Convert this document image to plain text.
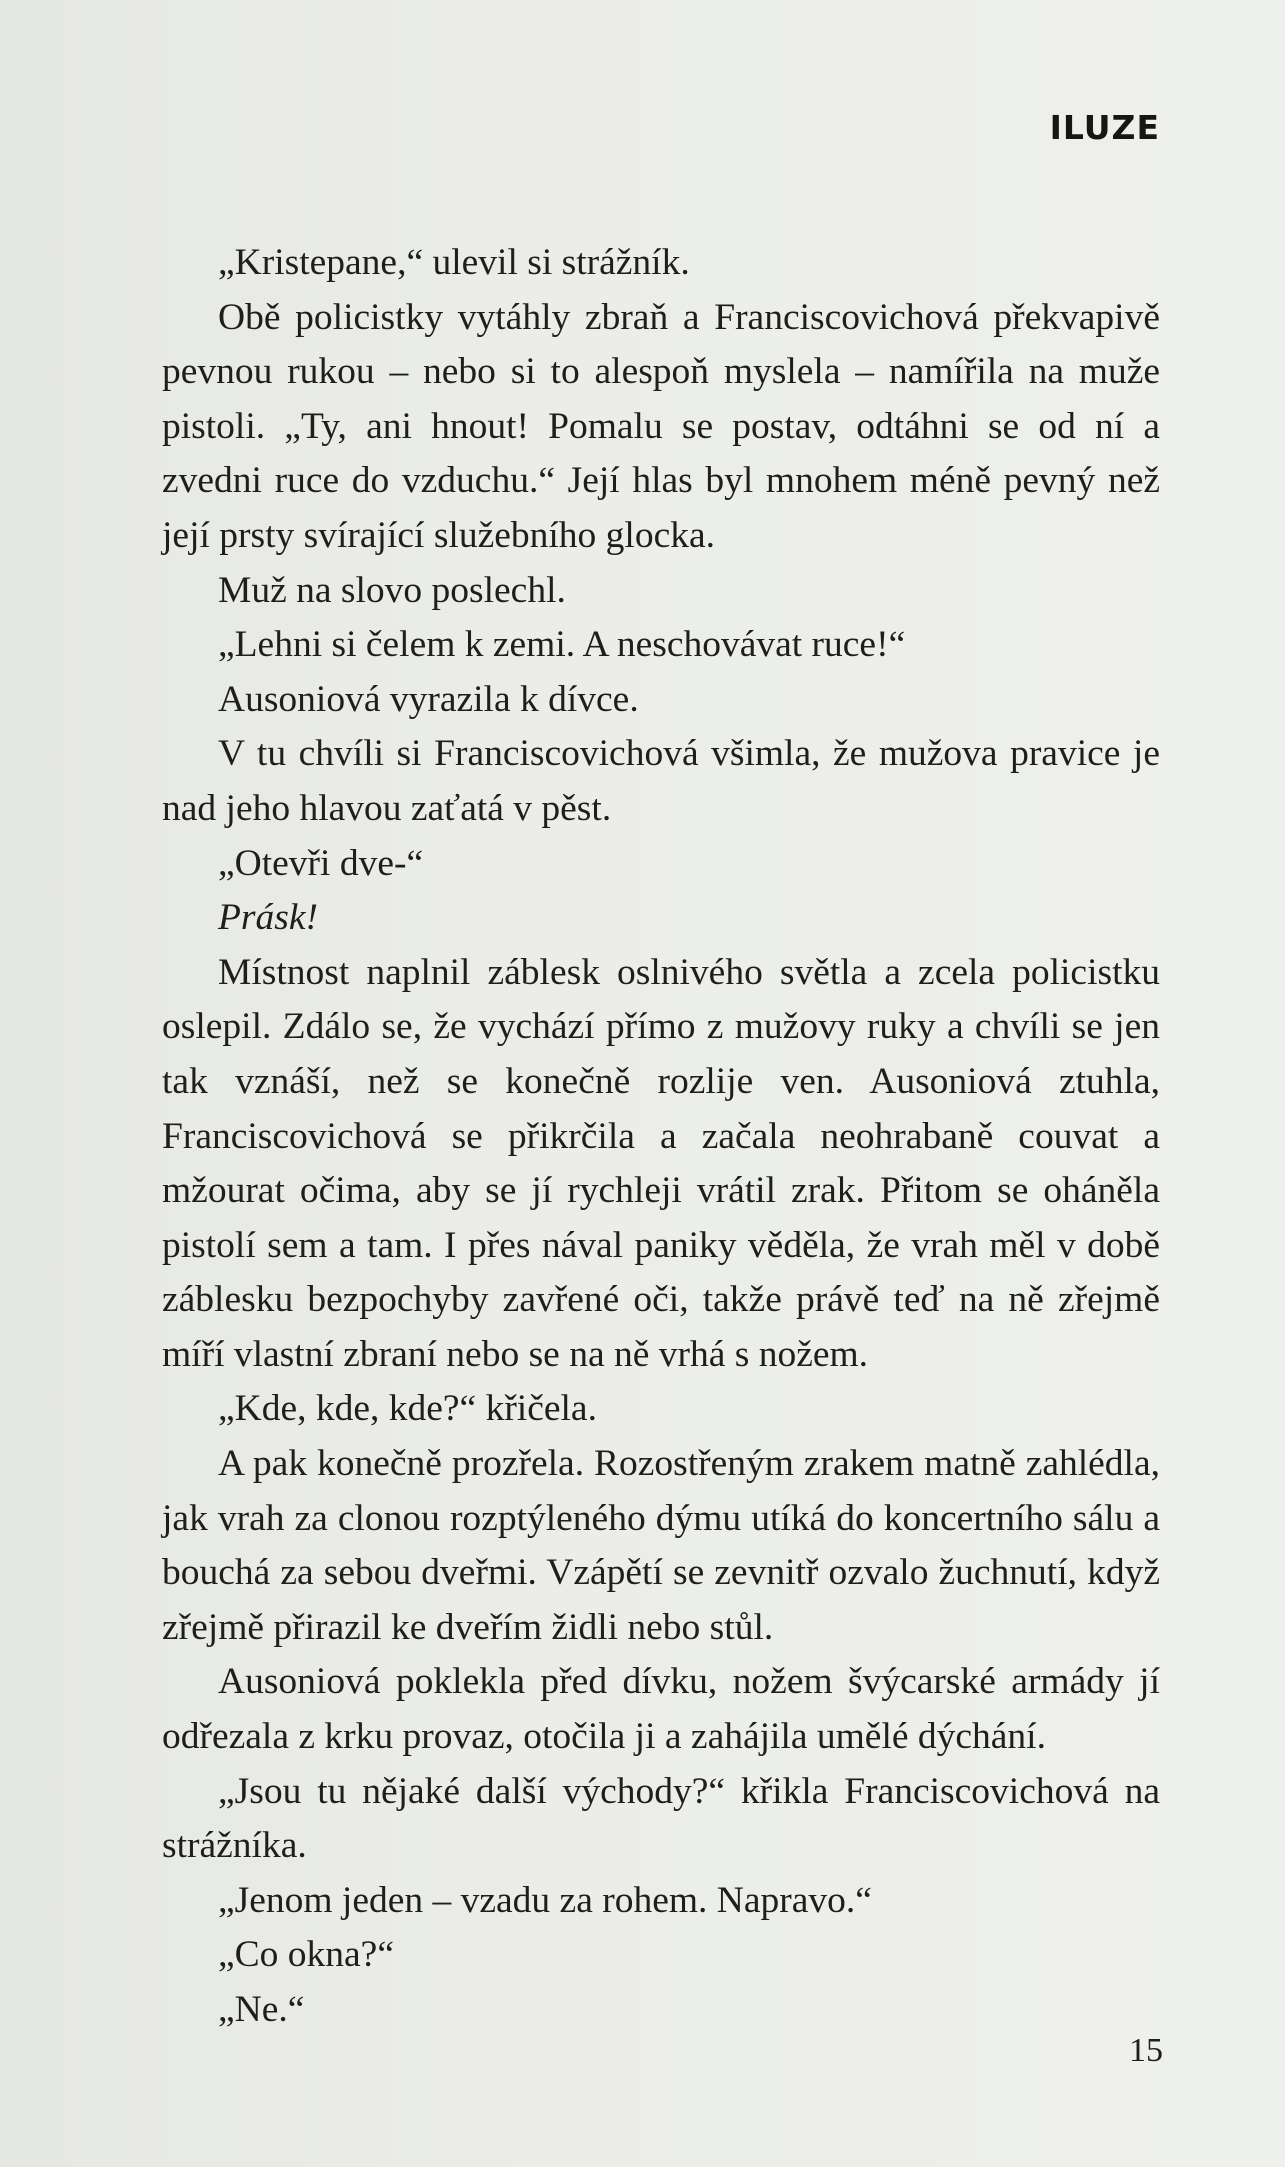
ILUZE

„Kristepane,“ ulevil si strážník.

Obě policistky vytáhly zbraň a Franciscovichová překvapivě pevnou rukou – nebo si to alespoň myslela – namířila na muže pistoli. „Ty, ani hnout! Pomalu se postav, odtáhni se od ní a zvedni ruce do vzduchu.“ Její hlas byl mnohem méně pevný než její prsty svírající služebního glocka.

Muž na slovo poslechl.

„Lehni si čelem k zemi. A neschovávat ruce!“

Ausoniová vyrazila k dívce.

V tu chvíli si Franciscovichová všimla, že mužova pravice je nad jeho hlavou zaťatá v pěst.

„Otevři dve-“

Prásk!

Místnost naplnil záblesk oslnivého světla a zcela policistku oslepil. Zdálo se, že vychází přímo z mužovy ruky a chvíli se jen tak vznáší, než se konečně rozlije ven. Ausoniová ztuhla, Franciscovichová se přikrčila a začala neohrabaně couvat a mžourat očima, aby se jí rychleji vrátil zrak. Přitom se oháněla pistolí sem a tam. I přes nával paniky věděla, že vrah měl v době záblesku bezpochyby zavřené oči, takže právě teď na ně zřejmě míří vlastní zbraní nebo se na ně vrhá s nožem.

„Kde, kde, kde?“ křičela.

A pak konečně prozřela. Rozostřeným zrakem matně zahlédla, jak vrah za clonou rozptýleného dýmu utíká do koncertního sálu a bouchá za sebou dveřmi. Vzápětí se zevnitř ozvalo žuchnutí, když zřejmě přirazil ke dveřím židli nebo stůl.

Ausoniová poklekla před dívku, nožem švýcarské armády jí odřezala z krku provaz, otočila ji a zahájila umělé dýchání.

„Jsou tu nějaké další východy?“ křikla Franciscovichová na strážníka.

„Jenom jeden – vzadu za rohem. Napravo.“

„Co okna?“

„Ne.“

15
